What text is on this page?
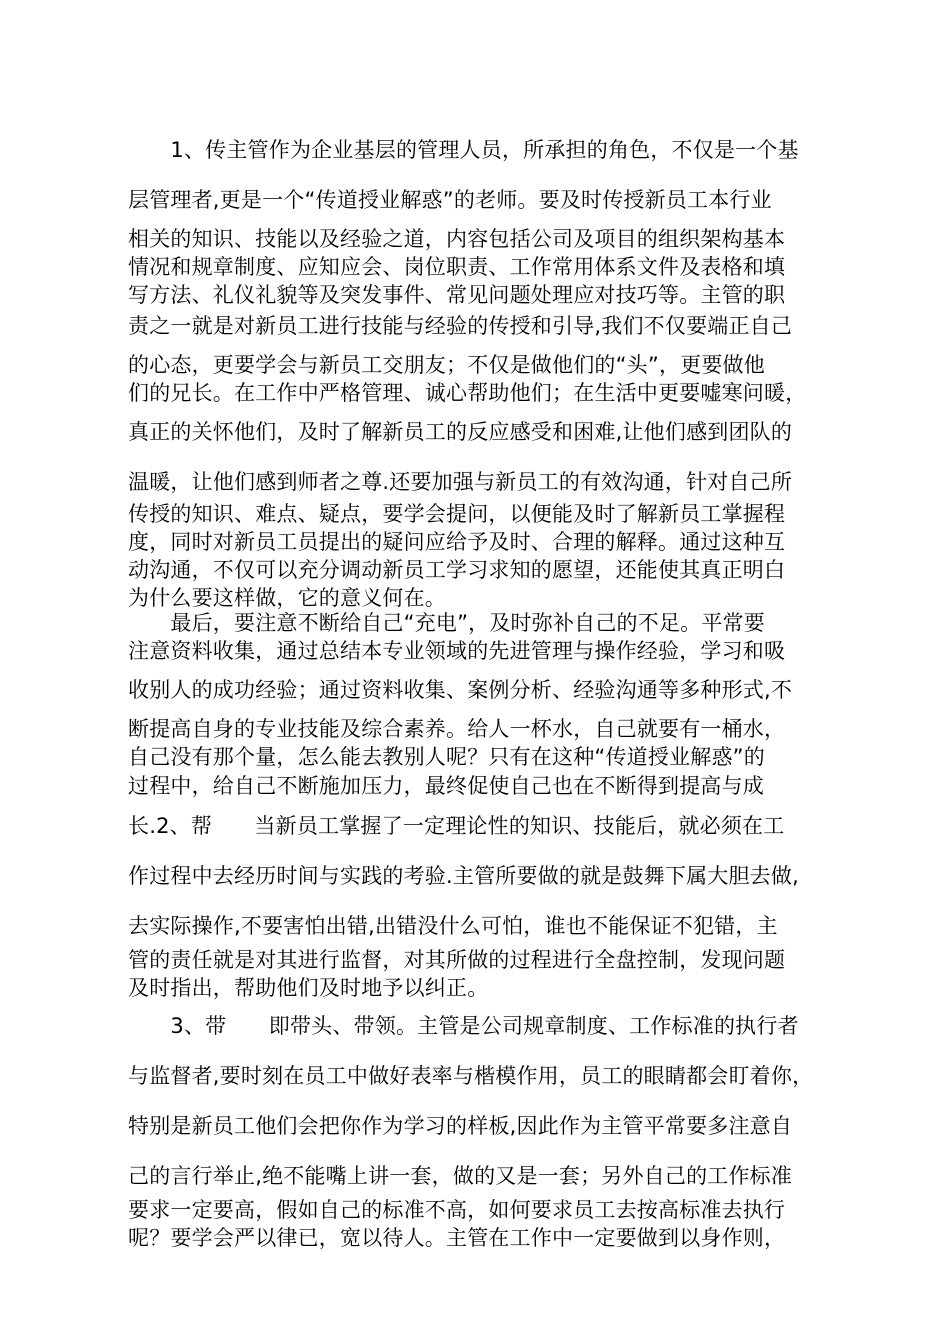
　　1、传主管作为企业基层的管理人员，所承担的角色，不仅是一个基

层管理者,更是一个“传道授业解惑”的老师。要及时传授新员工本行业

相关的知识、技能以及经验之道，内容包括公司及项目的组织架构基本

情况和规章制度、应知应会、岗位职责、工作常用体系文件及表格和填

写方法、礼仪礼貌等及突发事件、常见问题处理应对技巧等。主管的职

责之一就是对新员工进行技能与经验的传授和引导,我们不仅要端正自己

的心态，更要学会与新员工交朋友；不仅是做他们的“头”，更要做他

们的兄长。在工作中严格管理、诚心帮助他们；在生活中更要嘘寒问暖，

真正的关怀他们，及时了解新员工的反应感受和困难,让他们感到团队的

温暖，让他们感到师者之尊.还要加强与新员工的有效沟通，针对自己所

传授的知识、难点、疑点，要学会提问，以便能及时了解新员工掌握程

度，同时对新员工员提出的疑问应给予及时、合理的解释。通过这种互

动沟通，不仅可以充分调动新员工学习求知的愿望，还能使其真正明白

为什么要这样做，它的意义何在。

　　最后，要注意不断给自己“充电”，及时弥补自己的不足。平常要

注意资料收集，通过总结本专业领域的先进管理与操作经验，学习和吸

收别人的成功经验；通过资料收集、案例分析、经验沟通等多种形式,不

断提高自身的专业技能及综合素养。给人一杯水，自己就要有一桶水，

自己没有那个量，怎么能去教别人呢？只有在这种“传道授业解惑”的

过程中，给自己不断施加压力，最终促使自己也在不断得到提高与成

长.2、帮　　当新员工掌握了一定理论性的知识、技能后，就必须在工

作过程中去经历时间与实践的考验.主管所要做的就是鼓舞下属大胆去做,

去实际操作,不要害怕出错,出错没什么可怕，谁也不能保证不犯错，主

管的责任就是对其进行监督，对其所做的过程进行全盘控制，发现问题

及时指出，帮助他们及时地予以纠正。

　　3、带　　即带头、带领。主管是公司规章制度、工作标准的执行者

与监督者,要时刻在员工中做好表率与楷模作用，员工的眼睛都会盯着你，

特别是新员工他们会把你作为学习的样板,因此作为主管平常要多注意自

己的言行举止,绝不能嘴上讲一套，做的又是一套；另外自己的工作标准

要求一定要高，假如自己的标准不高，如何要求员工去按高标准去执行

呢？要学会严以律已，宽以待人。主管在工作中一定要做到以身作则，
